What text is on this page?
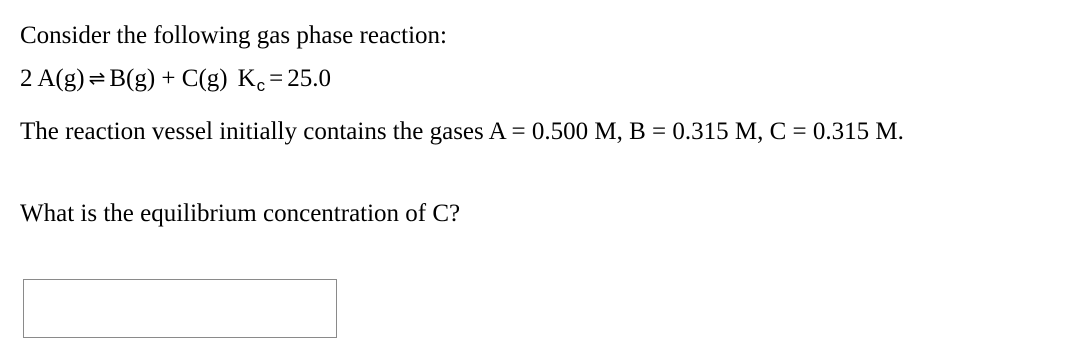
Consider the following gas phase reaction:
2 A(g) ⇌ B(g) + C(g) $K_c = 25.0$
The reaction vessel initially contains the gases A = 0.500 M, B = 0.315 M, C = 0.315 M.
What is the equilibrium concentration of C?
